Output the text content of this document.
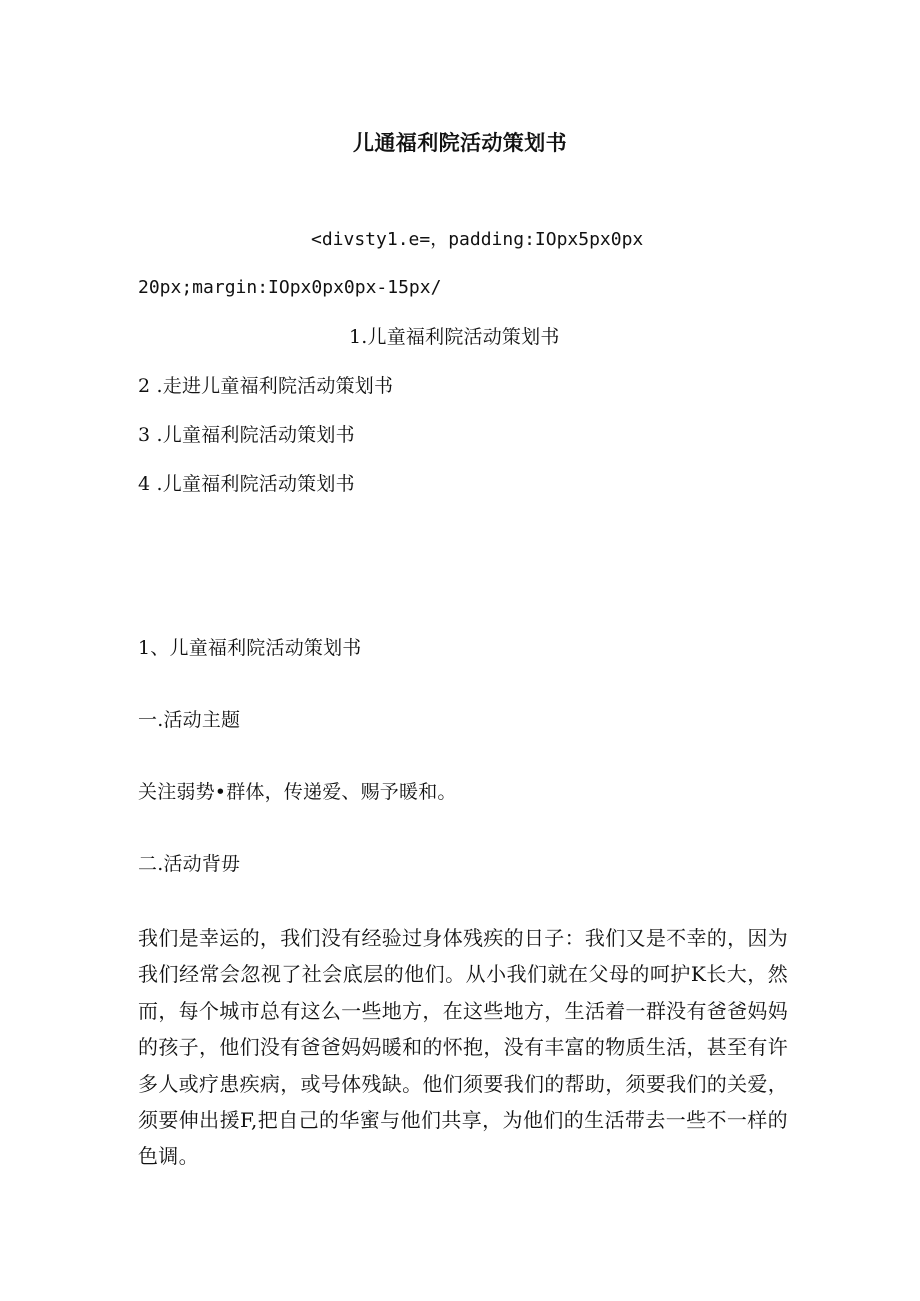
儿通福利院活动策划书
<divsty1.e=，padding:IOpx5px0px
20px;margin:IOpx0px0px-15px/
1.儿童福利院活动策划书
2 .走进儿童福利院活动策划书
3 .儿童福利院活动策划书
4 .儿童福利院活动策划书
1、儿童福利院活动策划书
一.活动主题
关注弱势•群体，传递爱、赐予暖和。
二.活动背毋
我们是幸运的，我们没有经验过身体残疾的日子：我们又是不幸的，因为我们经常会忽视了社会底层的他们。从小我们就在父母的呵护K长大，然而，每个城市总有这么一些地方，在这些地方，生活着一群没有爸爸妈妈的孩子，他们没有爸爸妈妈暖和的怀抱，没有丰富的物质生活，甚至有许多人或疗患疾病，或号体残缺。他们须要我们的帮助，须要我们的关爱，须要伸出援F,把自己的华蜜与他们共享，为他们的生活带去一些不一样的色调。
